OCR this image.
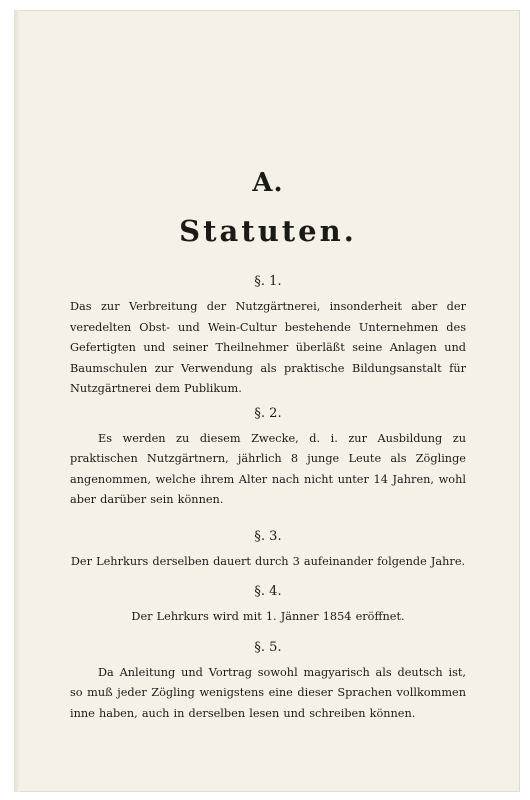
A.
Statuten.
§. 1.
Das zur Verbreitung der Nutzgärtnerei, insonderheit aber der veredelten Obst- und Wein-Cultur bestehende Unternehmen des Gefertigten und seiner Theilnehmer überläßt seine Anlagen und Baumschulen zur Verwendung als praktische Bildungsanstalt für Nutzgärtnerei dem Publikum.
§. 2.
Es werden zu diesem Zwecke, d. i. zur Ausbildung zu praktischen Nutzgärtnern, jährlich 8 junge Leute als Zöglinge angenommen, welche ihrem Alter nach nicht unter 14 Jahren, wohl aber darüber sein können.
§. 3.
Der Lehrkurs derselben dauert durch 3 aufeinander folgende Jahre.
§. 4.
Der Lehrkurs wird mit 1. Jänner 1854 eröffnet.
§. 5.
Da Anleitung und Vortrag sowohl magyarisch als deutsch ist, so muß jeder Zögling wenigstens eine dieser Sprachen vollkommen inne haben, auch in derselben lesen und schreiben können.
